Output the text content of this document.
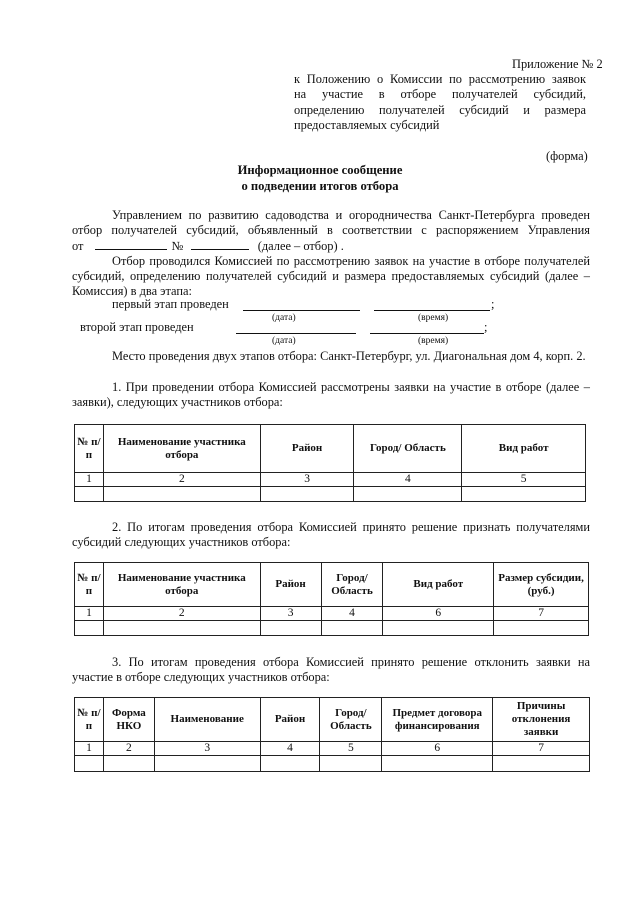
Приложение № 2
к Положению о Комиссии по рассмотрению заявок
на участие в отборе получателей субсидий,
определению получателей субсидий и размера
предоставляемых субсидий
(форма)
Информационное сообщение
о подведении итогов отбора
Управлением по развитию садоводства и огородничества Санкт-Петербурга проведен
отбор получателей субсидий, объявленный в соответствии с распоряжением Управления
от	№	(далее – отбор) .
Отбор проводился Комиссией по рассмотрению заявок на участие в отборе получателей
субсидий, определению получателей субсидий и размера предоставляемых субсидий (далее –
Комиссия) в два этапа:
первый этап проведен	;
(дата)	(время)
второй этап проведен	;
(дата)	(время)
Место проведения двух этапов отбора: Санкт-Петербург, ул. Диагональная дом 4, корп. 2.
1. При проведении отбора Комиссией рассмотрены заявки на участие в отборе (далее –
заявки), следующих участников отбора:
№ п/п	Наименование участника отбора	Район	Город/ Область	Вид работ
1	2	3	4	5

2. По итогам проведения отбора Комиссией принято решение признать получателями
субсидий следующих участников отбора:
№ п/п	Наименование участника отбора	Район	Город/ Область	Вид работ	Размер субсидии, (руб.)
1	2	3	4	6	7

3. По итогам проведения отбора Комиссией принято решение отклонить заявки на
участие в отборе следующих участников отбора:
№ п/п	Форма НКО	Наименование	Район	Город/ Область	Предмет договора финансирования	Причины отклонения заявки
1	2	3	4	5	6	7
